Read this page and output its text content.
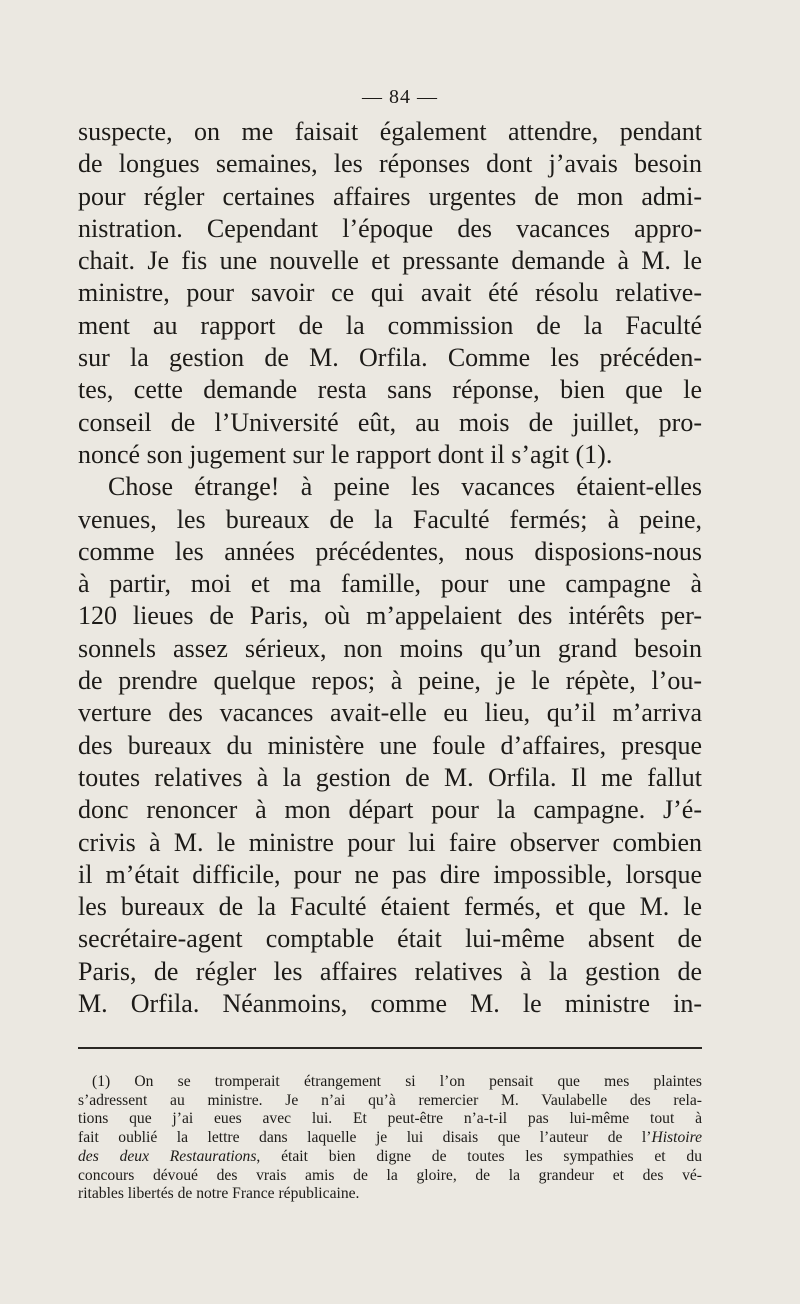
— 84 —
suspecte, on me faisait également attendre, pendant
de longues semaines, les réponses dont j’avais besoin
pour régler certaines affaires urgentes de mon admi-
nistration. Cependant l’époque des vacances appro-
chait. Je fis une nouvelle et pressante demande à M. le
ministre, pour savoir ce qui avait été résolu relative-
ment au rapport de la commission de la Faculté
sur la gestion de M. Orfila. Comme les précéden-
tes, cette demande resta sans réponse, bien que le
conseil de l’Université eût, au mois de juillet, pro-
noncé son jugement sur le rapport dont il s’agit (1).
Chose étrange! à peine les vacances étaient-elles
venues, les bureaux de la Faculté fermés; à peine,
comme les années précédentes, nous disposions-nous
à partir, moi et ma famille, pour une campagne à
120 lieues de Paris, où m’appelaient des intérêts per-
sonnels assez sérieux, non moins qu’un grand besoin
de prendre quelque repos; à peine, je le répète, l’ou-
verture des vacances avait-elle eu lieu, qu’il m’arriva
des bureaux du ministère une foule d’affaires, presque
toutes relatives à la gestion de M. Orfila. Il me fallut
donc renoncer à mon départ pour la campagne. J’é-
crivis à M. le ministre pour lui faire observer combien
il m’était difficile, pour ne pas dire impossible, lorsque
les bureaux de la Faculté étaient fermés, et que M. le
secrétaire-agent comptable était lui-même absent de
Paris, de régler les affaires relatives à la gestion de
M. Orfila. Néanmoins, comme M. le ministre in-
(1) On se tromperait étrangement si l’on pensait que mes plaintes
s’adressent au ministre. Je n’ai qu’à remercier M. Vaulabelle des rela-
tions que j’ai eues avec lui. Et peut-être n’a-t-il pas lui-même tout à
fait oublié la lettre dans laquelle je lui disais que l’auteur de l’Histoire
des deux Restaurations, était bien digne de toutes les sympathies et du
concours dévoué des vrais amis de la gloire, de la grandeur et des vé-
ritables libertés de notre France républicaine.
